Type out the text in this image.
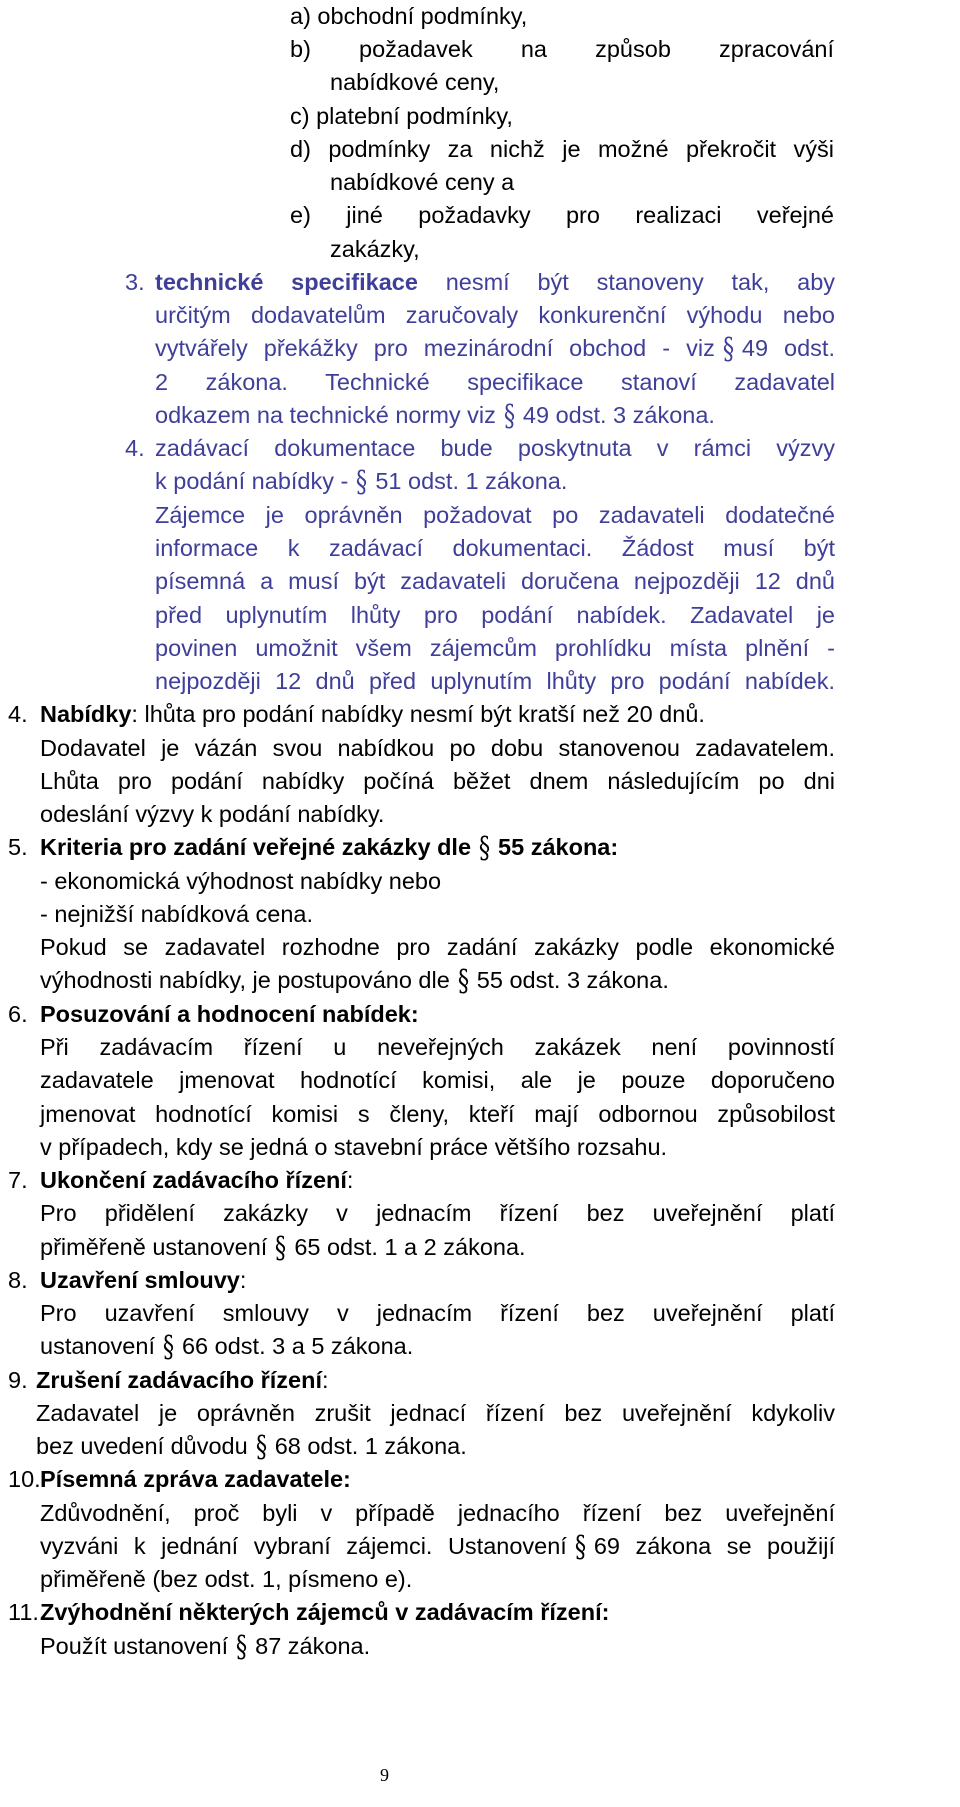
a) obchodní podmínky,
b) požadavek na způsob zpracování
nabídkové ceny,
c) platební podmínky,
d) podmínky za nichž je možné překročit výši
nabídkové ceny a
e) jiné požadavky pro realizaci veřejné
zakázky,
3. technické specifikace nesmí být stanoveny tak, aby
určitým dodavatelům zaručovaly konkurenční výhodu nebo
vytvářely překážky pro mezinárodní obchod - viz § 49 odst.
2 zákona. Technické specifikace stanoví zadavatel
odkazem na technické normy viz § 49 odst. 3 zákona.
4. zadávací dokumentace bude poskytnuta v rámci výzvy
k podání nabídky - § 51 odst. 1 zákona.
Zájemce je oprávněn požadovat po zadavateli dodatečné
informace k zadávací dokumentaci. Žádost musí být
písemná a musí být zadavateli doručena nejpozději 12 dnů
před uplynutím lhůty pro podání nabídek. Zadavatel je
povinen umožnit všem zájemcům prohlídku místa plnění -
nejpozději 12 dnů před uplynutím lhůty pro podání nabídek.
4. Nabídky: lhůta pro podání nabídky nesmí být kratší než 20 dnů.
Dodavatel je vázán svou nabídkou po dobu stanovenou zadavatelem.
Lhůta pro podání nabídky počíná běžet dnem následujícím po dni
odeslání výzvy k podání nabídky.
5. Kriteria pro zadání veřejné zakázky dle § 55 zákona:
- ekonomická výhodnost nabídky nebo
- nejnižší nabídková cena.
Pokud se zadavatel rozhodne pro zadání zakázky podle ekonomické
výhodnosti nabídky, je postupováno dle § 55 odst. 3 zákona.
6. Posuzování a hodnocení nabídek:
Při zadávacím řízení u neveřejných zakázek není povinností
zadavatele jmenovat hodnotící komisi, ale je pouze doporučeno
jmenovat hodnotící komisi s členy, kteří mají odbornou způsobilost
v případech, kdy se jedná o stavební práce většího rozsahu.
7. Ukončení zadávacího řízení:
Pro přidělení zakázky v jednacím řízení bez uveřejnění platí
přiměřeně ustanovení § 65 odst. 1 a 2 zákona.
8. Uzavření smlouvy:
Pro uzavření smlouvy v jednacím řízení bez uveřejnění platí
ustanovení § 66 odst. 3 a 5 zákona.
9. Zrušení zadávacího řízení:
Zadavatel je oprávněn zrušit jednací řízení bez uveřejnění kdykoliv
bez uvedení důvodu § 68 odst. 1 zákona.
10. Písemná zpráva zadavatele:
Zdůvodnění, proč byli v případě jednacího řízení bez uveřejnění
vyzváni k jednání vybraní zájemci. Ustanovení § 69 zákona se použijí
přiměřeně (bez odst. 1, písmeno e).
11. Zvýhodnění některých zájemců v zadávacím řízení:
Použít ustanovení § 87 zákona.
9
